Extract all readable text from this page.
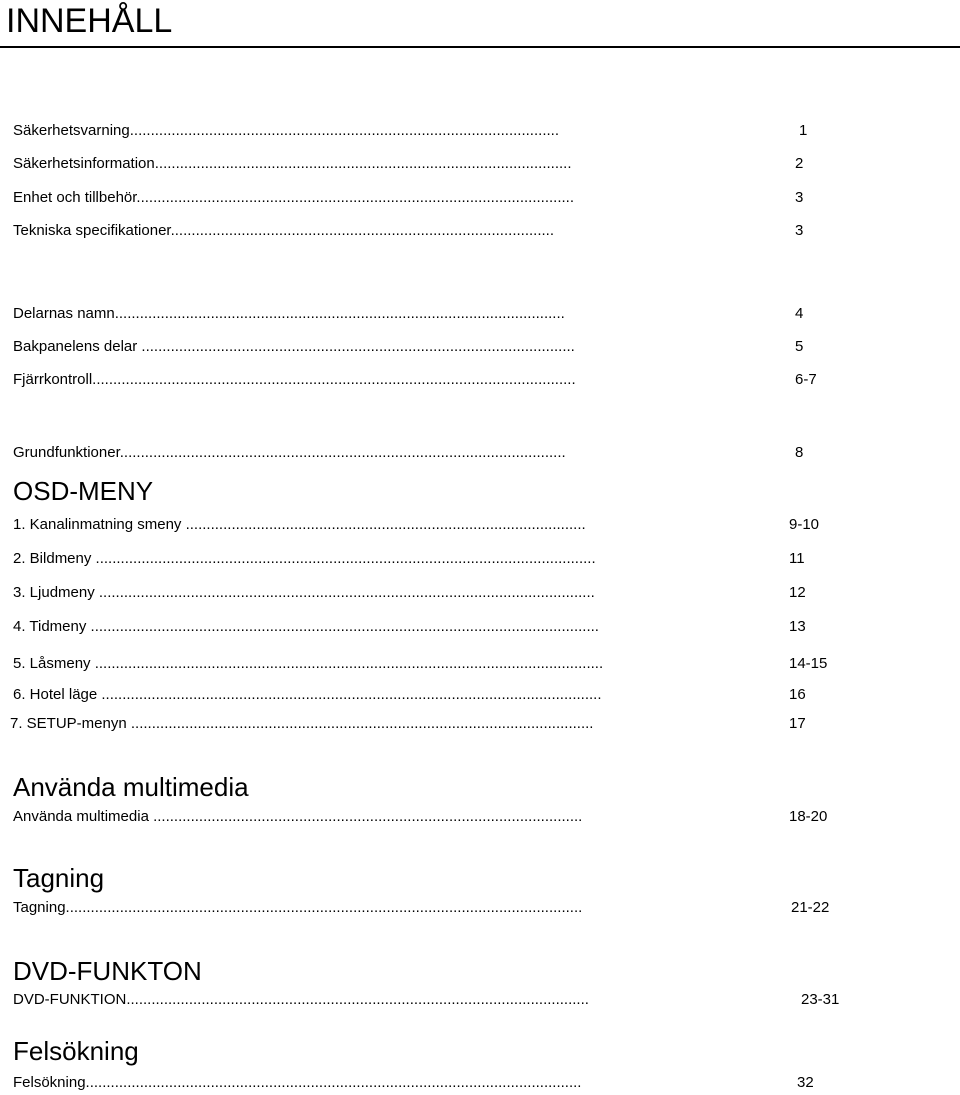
INNEHÅLL
Säkerhetsvarning.......................................................................................................	1
Säkerhetsinformation....................................................................................................	2
Enhet och tillbehör.........................................................................................................	3
Tekniska specifikationer............................................................................................	3
Delarnas namn............................................................................................................	4
Bakpanelens delar ........................................................................................................	5
Fjärrkontroll....................................................................................................................	6-7
Grundfunktioner...........................................................................................................	8
OSD-MENY
1. Kanalinmatning smeny ................................................................................................	9-10
2. Bildmeny ........................................................................................................................	11
3. Ljudmeny .......................................................................................................................	12
4. Tidmeny ..........................................................................................................................	13
5. Låsmeny ..........................................................................................................................	14-15
6. Hotel läge ........................................................................................................................	16
7. SETUP-menyn ...............................................................................................................	17
Använda multimedia
Använda multimedia .......................................................................................................	18-20
Tagning
Tagning............................................................................................................................	21-22
DVD-FUNKTON
DVD-FUNKTION...............................................................................................................	23-31
Felsökning
Felsökning.......................................................................................................................	32
